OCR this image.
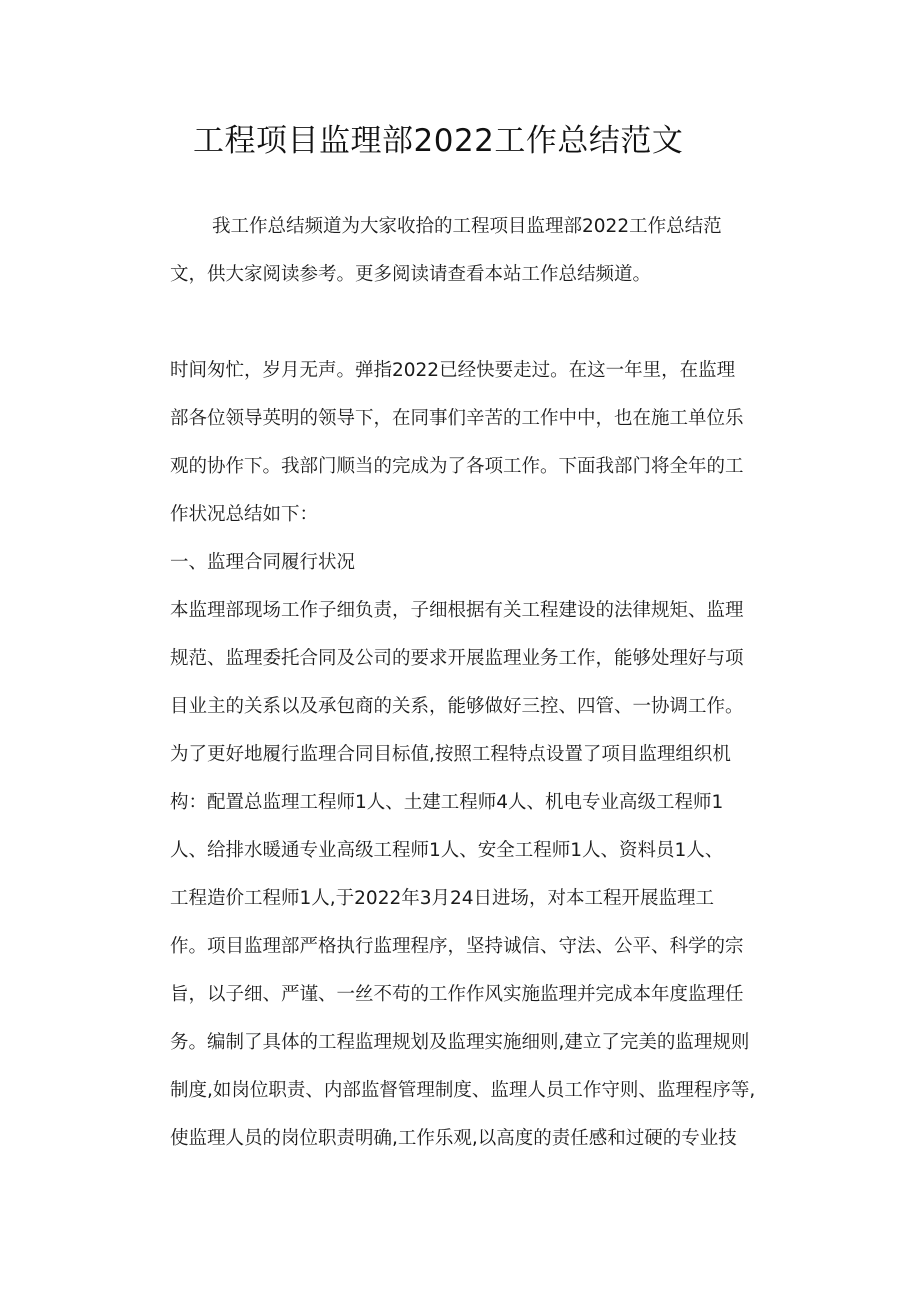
工程项目监理部2022工作总结范文
我工作总结频道为大家收拾的工程项目监理部2022工作总结范
文，供大家阅读参考。更多阅读请查看本站工作总结频道。
时间匆忙，岁月无声。弹指2022已经快要走过。在这一年里，在监理
部各位领导英明的领导下，在同事们辛苦的工作中中，也在施工单位乐
观的协作下。我部门顺当的完成为了各项工作。下面我部门将全年的工
作状况总结如下：
一、监理合同履行状况
本监理部现场工作子细负责，子细根据有关工程建设的法律规矩、监理
规范、监理委托合同及公司的要求开展监理业务工作，能够处理好与项
目业主的关系以及承包商的关系，能够做好三控、四管、一协调工作。
为了更好地履行监理合同目标值,按照工程特点设置了项目监理组织机
构：配置总监理工程师1人、土建工程师4人、机电专业高级工程师1
人、给排水暖通专业高级工程师1人、安全工程师1人、资料员1人、
工程造价工程师1人,于2022年3月24日进场，对本工程开展监理工
作。项目监理部严格执行监理程序，坚持诚信、守法、公平、科学的宗
旨，以子细、严谨、一丝不苟的工作作风实施监理并完成本年度监理任
务。编制了具体的工程监理规划及监理实施细则,建立了完美的监理规则
制度,如岗位职责、内部监督管理制度、监理人员工作守则、监理程序等,
使监理人员的岗位职责明确,工作乐观,以高度的责任感和过硬的专业技
